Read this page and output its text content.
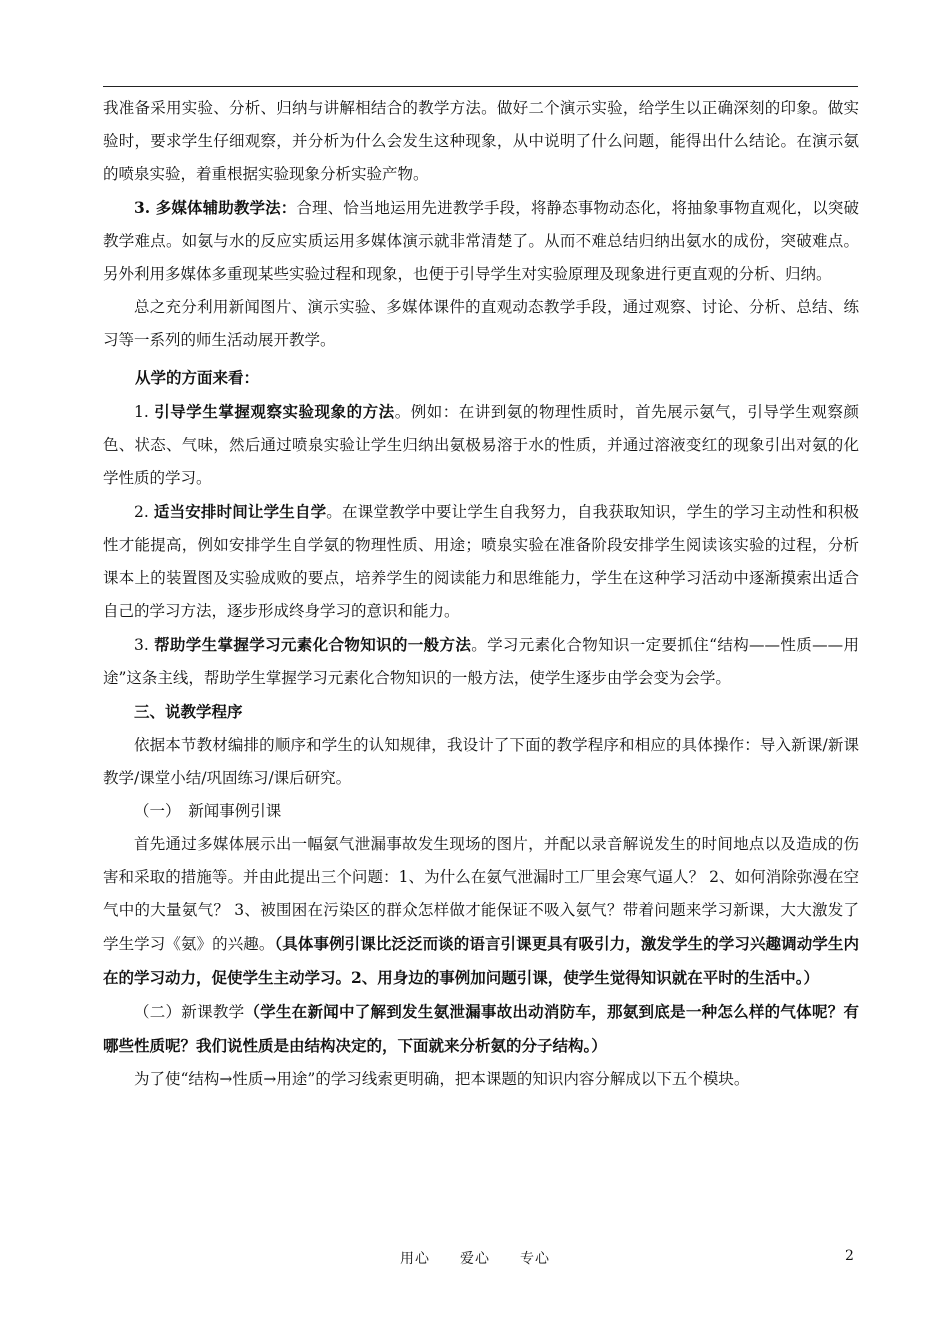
我准备采用实验、分析、归纳与讲解相结合的教学方法。做好二个演示实验，给学生以正确深刻的印象。做实验时，要求学生仔细观察，并分析为什么会发生这种现象，从中说明了什么问题，能得出什么结论。在演示氨的喷泉实验，着重根据实验现象分析实验产物。

3. 多媒体辅助教学法：合理、恰当地运用先进教学手段，将静态事物动态化，将抽象事物直观化，以突破教学难点。如氨与水的反应实质运用多媒体演示就非常清楚了。从而不难总结归纳出氨水的成份，突破难点。另外利用多媒体多重现某些实验过程和现象，也便于引导学生对实验原理及现象进行更直观的分析、归纳。

总之充分利用新闻图片、演示实验、多媒体课件的直观动态教学手段，通过观察、讨论、分析、总结、练习等一系列的师生活动展开教学。

从学的方面来看：

1. 引导学生掌握观察实验现象的方法。例如：在讲到氨的物理性质时，首先展示氨气，引导学生观察颜色、状态、气味，然后通过喷泉实验让学生归纳出氨极易溶于水的性质，并通过溶液变红的现象引出对氨的化学性质的学习。

2. 适当安排时间让学生自学。在课堂教学中要让学生自我努力，自我获取知识，学生的学习主动性和积极性才能提高，例如安排学生自学氨的物理性质、用途；喷泉实验在准备阶段安排学生阅读该实验的过程，分析课本上的装置图及实验成败的要点，培养学生的阅读能力和思维能力，学生在这种学习活动中逐渐摸索出适合自己的学习方法，逐步形成终身学习的意识和能力。

3. 帮助学生掌握学习元素化合物知识的一般方法。学习元素化合物知识一定要抓住“结构——性质——用途”这条主线，帮助学生掌握学习元素化合物知识的一般方法，使学生逐步由学会变为会学。

三、说教学程序

依据本节教材编排的顺序和学生的认知规律，我设计了下面的教学程序和相应的具体操作：导入新课/新课教学/课堂小结/巩固练习/课后研究。

（一）　新闻事例引课

首先通过多媒体展示出一幅氨气泄漏事故发生现场的图片，并配以录音解说发生的时间地点以及造成的伤害和采取的措施等。并由此提出三个问题：1、为什么在氨气泄漏时工厂里会寒气逼人？ 2、如何消除弥漫在空气中的大量氨气？ 3、被围困在污染区的群众怎样做才能保证不吸入氨气？带着问题来学习新课，大大激发了学生学习《氨》的兴趣。（具体事例引课比泛泛而谈的语言引课更具有吸引力，激发学生的学习兴趣调动学生内在的学习动力，促使学生主动学习。2、用身边的事例加问题引课，使学生觉得知识就在平时的生活中。）

（二）新课教学（学生在新闻中了解到发生氨泄漏事故出动消防车，那氨到底是一种怎么样的气体呢？有哪些性质呢？我们说性质是由结构决定的，下面就来分析氨的分子结构。）

为了使“结构→性质→用途”的学习线索更明确，把本课题的知识内容分解成以下五个模块。

用心　　爱心　　专心	2
